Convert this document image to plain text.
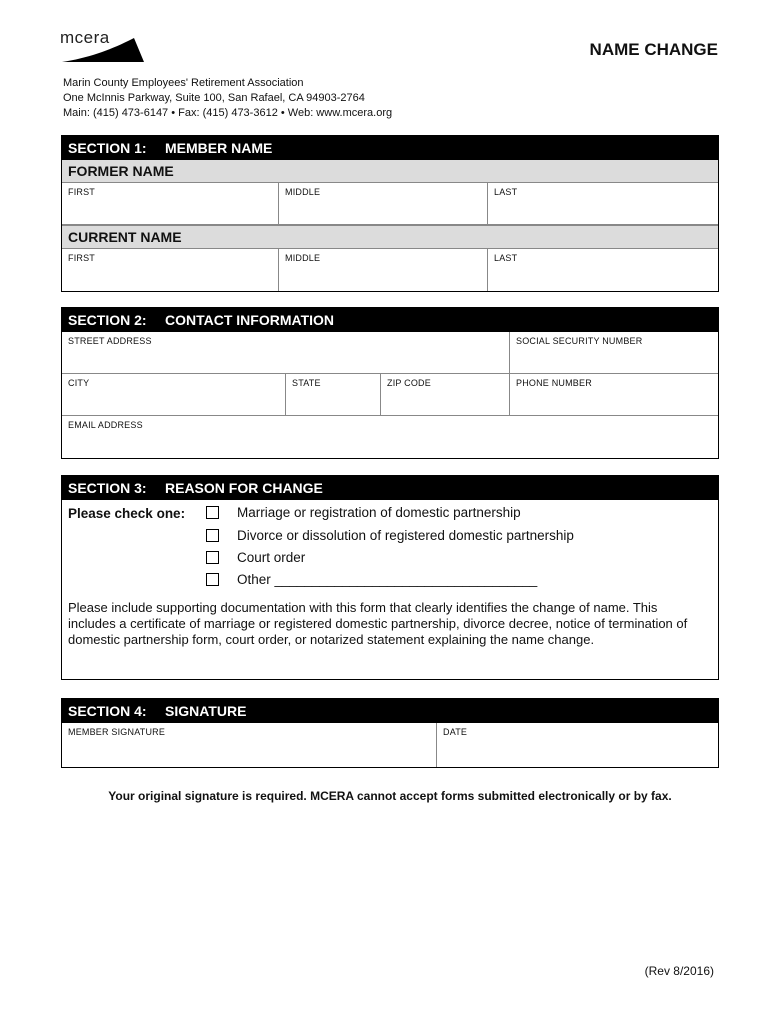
mcera
NAME CHANGE
Marin County Employees' Retirement Association
One McInnis Parkway, Suite 100, San Rafael, CA 94903-2764
Main: (415) 473-6147 • Fax: (415) 473-3612 • Web: www.mcera.org
SECTION 1: MEMBER NAME
FORMER NAME
FIRST	MIDDLE	LAST
CURRENT NAME
FIRST	MIDDLE	LAST
SECTION 2: CONTACT INFORMATION
STREET ADDRESS	SOCIAL SECURITY NUMBER
CITY	STATE	ZIP CODE	PHONE NUMBER
EMAIL ADDRESS
SECTION 3: REASON FOR CHANGE
Please check one:	Marriage or registration of domestic partnership
Divorce or dissolution of registered domestic partnership
Court order
Other ___________________________________
Please include supporting documentation with this form that clearly identifies the change of name. This includes a certificate of marriage or registered domestic partnership, divorce decree, notice of termination of domestic partnership form, court order, or notarized statement explaining the name change.
SECTION 4: SIGNATURE
MEMBER SIGNATURE	DATE
Your original signature is required. MCERA cannot accept forms submitted electronically or by fax.
(Rev 8/2016)
